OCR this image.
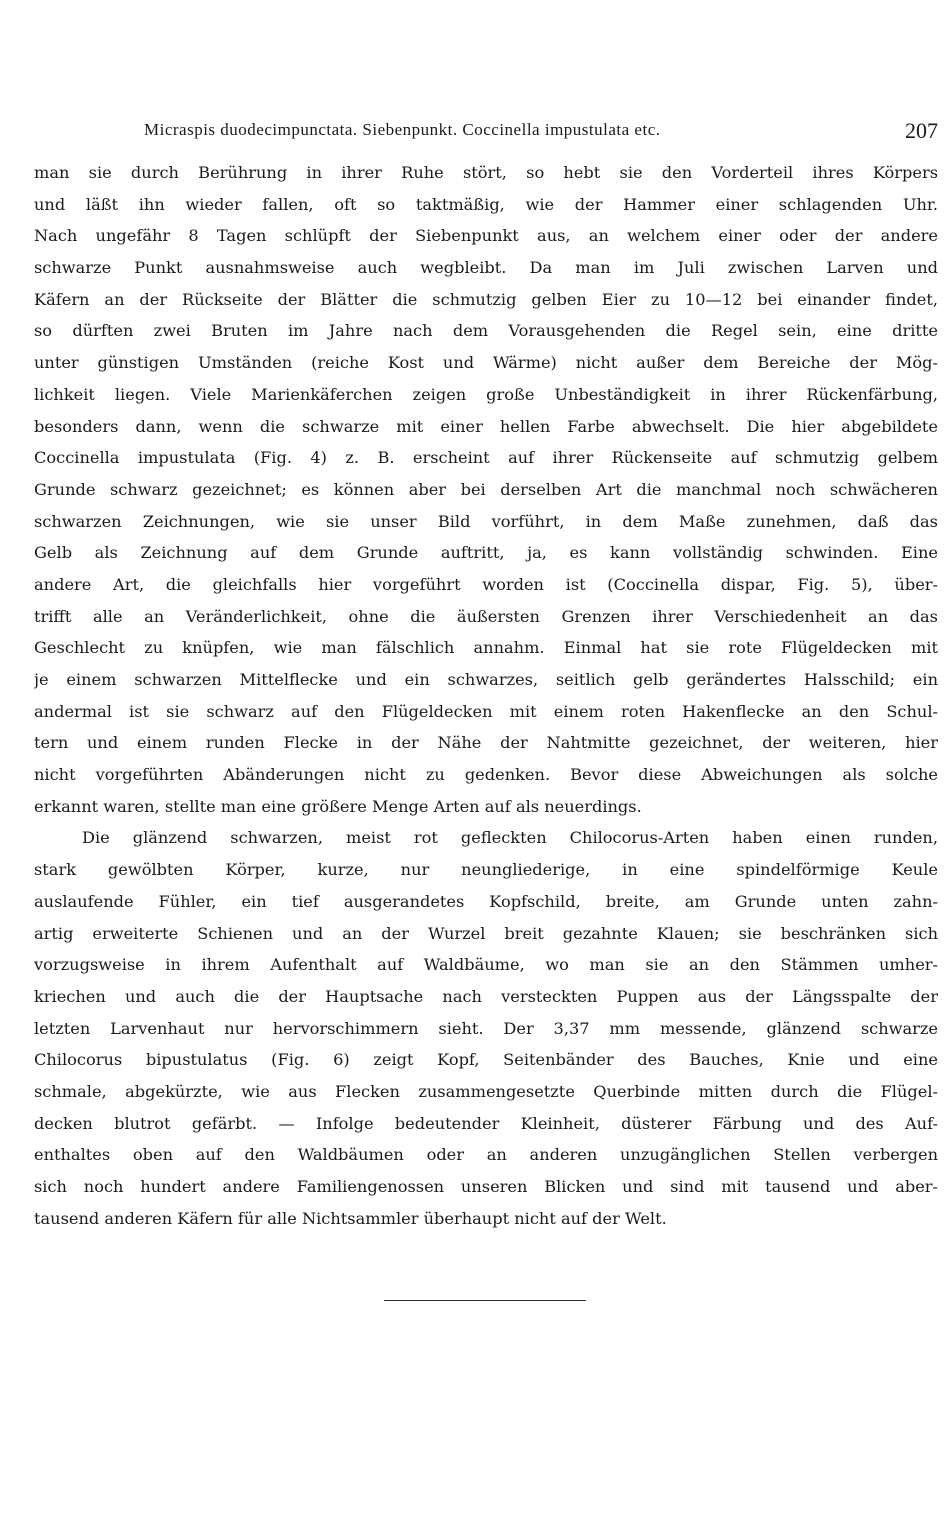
Micraspis duodecimpunctata. Siebenpunkt. Coccinella impustulata etc.	207
man sie durch Berührung in ihrer Ruhe stört, so hebt sie den Vorderteil ihres Körpers
und läßt ihn wieder fallen, oft so taktmäßig, wie der Hammer einer schlagenden Uhr.
Nach ungefähr 8 Tagen schlüpft der Siebenpunkt aus, an welchem einer oder der andere
schwarze Punkt ausnahmsweise auch wegbleibt. Da man im Juli zwischen Larven und
Käfern an der Rückseite der Blätter die schmutzig gelben Eier zu 10—12 bei einander findet,
so dürften zwei Bruten im Jahre nach dem Vorausgehenden die Regel sein, eine dritte
unter günstigen Umständen (reiche Kost und Wärme) nicht außer dem Bereiche der Mög-
lichkeit liegen. Viele Marienkäferchen zeigen große Unbeständigkeit in ihrer Rückenfärbung,
besonders dann, wenn die schwarze mit einer hellen Farbe abwechselt. Die hier abgebildete
Coccinella impustulata (Fig. 4) z. B. erscheint auf ihrer Rückenseite auf schmutzig gelbem
Grunde schwarz gezeichnet; es können aber bei derselben Art die manchmal noch schwächeren
schwarzen Zeichnungen, wie sie unser Bild vorführt, in dem Maße zunehmen, daß das
Gelb als Zeichnung auf dem Grunde auftritt, ja, es kann vollständig schwinden. Eine
andere Art, die gleichfalls hier vorgeführt worden ist (Coccinella dispar, Fig. 5), über-
trifft alle an Veränderlichkeit, ohne die äußersten Grenzen ihrer Verschiedenheit an das
Geschlecht zu knüpfen, wie man fälschlich annahm. Einmal hat sie rote Flügeldecken mit
je einem schwarzen Mittelflecke und ein schwarzes, seitlich gelb gerändertes Halsschild; ein
andermal ist sie schwarz auf den Flügeldecken mit einem roten Hakenflecke an den Schul-
tern und einem runden Flecke in der Nähe der Nahtmitte gezeichnet, der weiteren, hier
nicht vorgeführten Abänderungen nicht zu gedenken. Bevor diese Abweichungen als solche
erkannt waren, stellte man eine größere Menge Arten auf als neuerdings.
Die glänzend schwarzen, meist rot gefleckten Chilocorus-Arten haben einen runden,
stark gewölbten Körper, kurze, nur neungliederige, in eine spindelförmige Keule
auslaufende Fühler, ein tief ausgerandetes Kopfschild, breite, am Grunde unten zahn-
artig erweiterte Schienen und an der Wurzel breit gezahnte Klauen; sie beschränken sich
vorzugsweise in ihrem Aufenthalt auf Waldbäume, wo man sie an den Stämmen umher-
kriechen und auch die der Hauptsache nach versteckten Puppen aus der Längsspalte der
letzten Larvenhaut nur hervorschimmern sieht. Der 3,37 mm messende, glänzend schwarze
Chilocorus bipustulatus (Fig. 6) zeigt Kopf, Seitenbänder des Bauches, Knie und eine
schmale, abgekürzte, wie aus Flecken zusammengesetzte Querbinde mitten durch die Flügel-
decken blutrot gefärbt. — Infolge bedeutender Kleinheit, düsterer Färbung und des Auf-
enthaltes oben auf den Waldbäumen oder an anderen unzugänglichen Stellen verbergen
sich noch hundert andere Familiengenossen unseren Blicken und sind mit tausend und aber-
tausend anderen Käfern für alle Nichtsammler überhaupt nicht auf der Welt.
